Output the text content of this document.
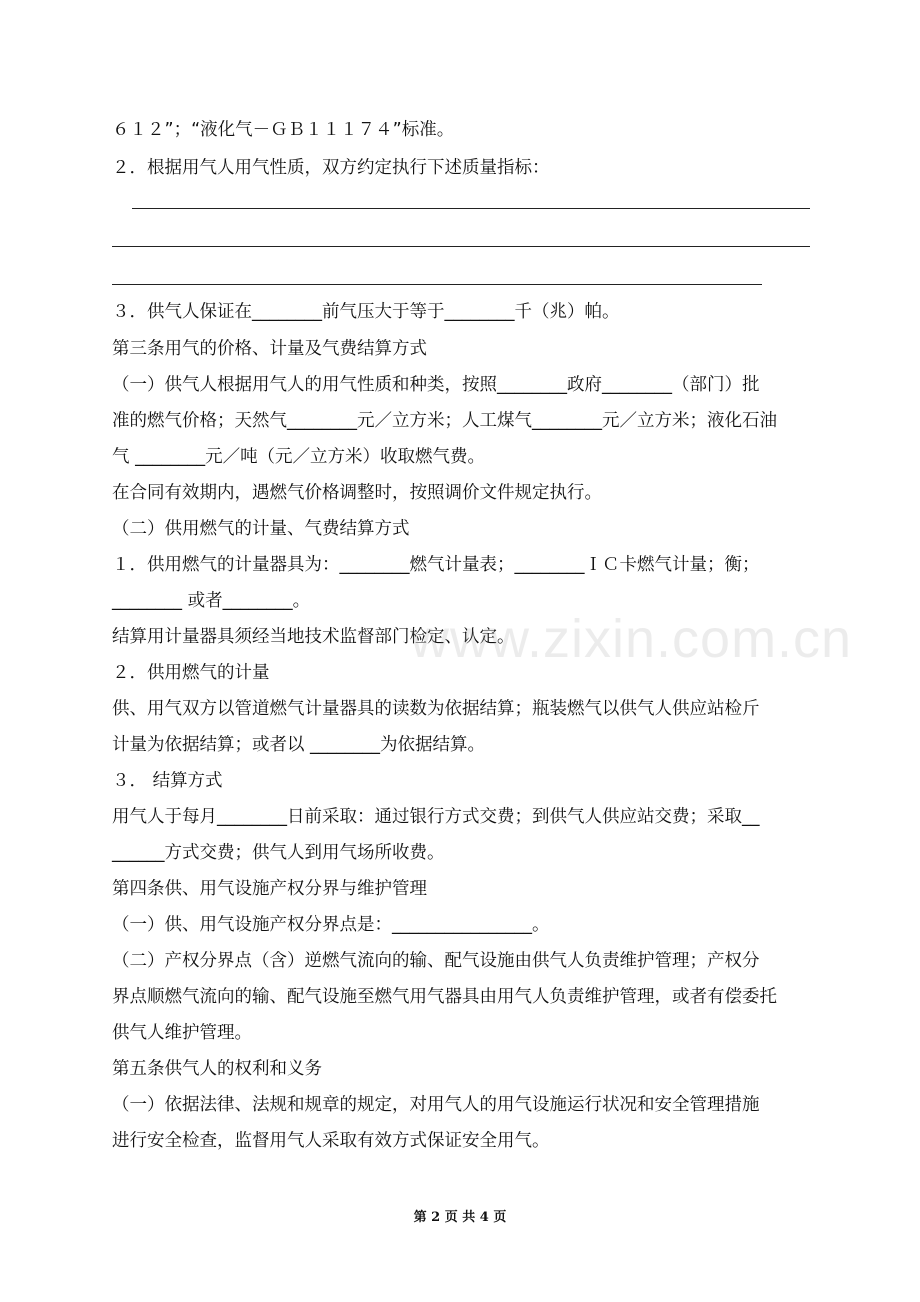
６１２”；“液化气－ＧＢ１１１７４”标准。
２．根据用气人用气性质，双方约定执行下述质量指标：
３．供气人保证在________前气压大于等于________千（兆）帕。
第三条用气的价格、计量及气费结算方式
（一）供气人根据用气人的用气性质和种类，按照________政府________（部门）批
准的燃气价格；天然气________元／立方米；人工煤气________元／立方米；液化石油
气 ________元／吨（元／立方米）收取燃气费。
在合同有效期内，遇燃气价格调整时，按照调价文件规定执行。
（二）供用燃气的计量、气费结算方式
１．供用燃气的计量器具为：________燃气计量表；________ＩＣ卡燃气计量；衡；
________ 或者________。
结算用计量器具须经当地技术监督部门检定、认定。
２．供用燃气的计量
供、用气双方以管道燃气计量器具的读数为依据结算；瓶装燃气以供气人供应站检斤
计量为依据结算；或者以 ________为依据结算。
３． 结算方式
用气人于每月________日前采取：通过银行方式交费；到供气人供应站交费；采取__
______方式交费；供气人到用气场所收费。
第四条供、用气设施产权分界与维护管理
（一）供、用气设施产权分界点是：________________。
（二）产权分界点（含）逆燃气流向的输、配气设施由供气人负责维护管理；产权分
界点顺燃气流向的输、配气设施至燃气用气器具由用气人负责维护管理，或者有偿委托
供气人维护管理。
第五条供气人的权利和义务
（一）依据法律、法规和规章的规定，对用气人的用气设施运行状况和安全管理措施
进行安全检查，监督用气人采取有效方式保证安全用气。
www.zixin.com.cn
第 2 页 共 4 页
